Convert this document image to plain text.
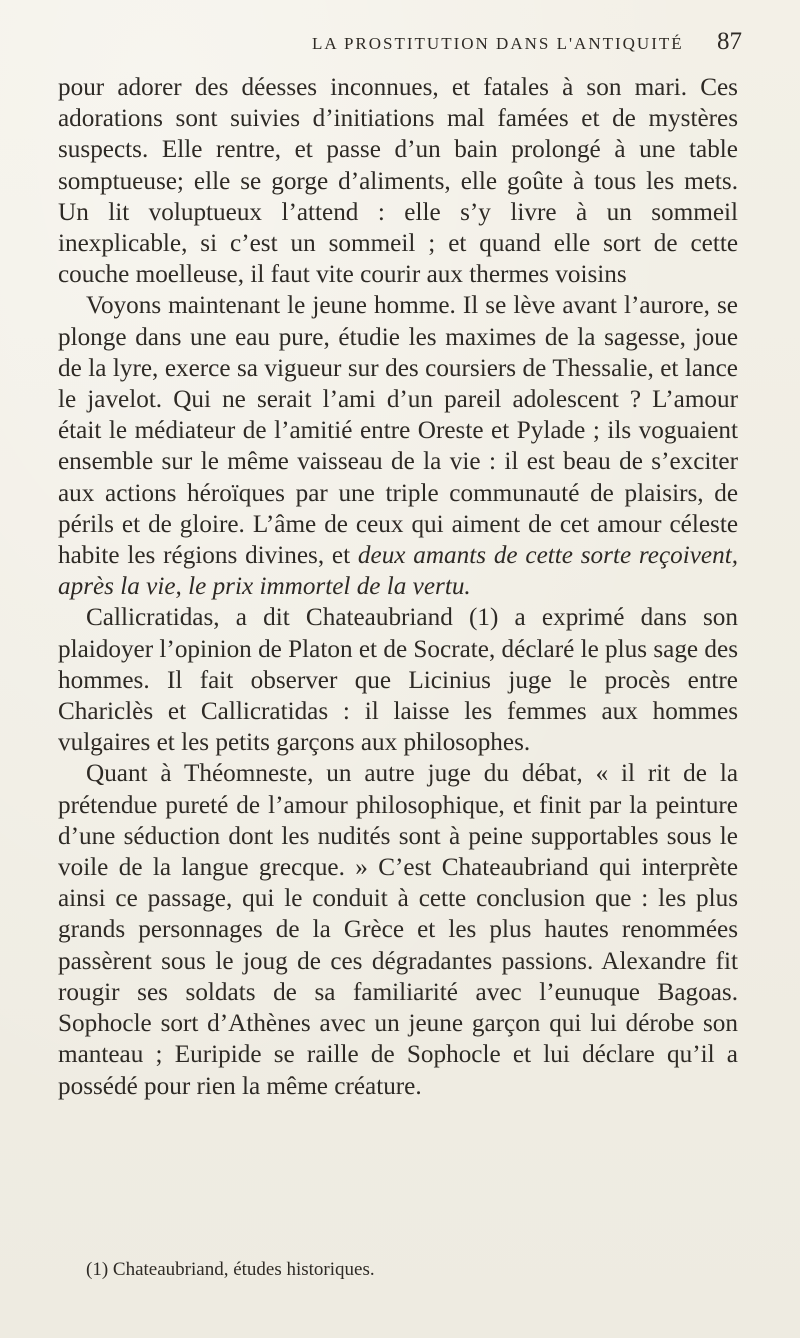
LA PROSTITUTION DANS L'ANTIQUITÉ	87

pour adorer des déesses inconnues, et fatales à son mari. Ces adorations sont suivies d’initiations mal famées et de mystères suspects. Elle rentre, et passe d’un bain prolongé à une table somptueuse; elle se gorge d’aliments, elle goûte à tous les mets. Un lit voluptueux l’attend : elle s’y livre à un sommeil inexplicable, si c’est un sommeil ; et quand elle sort de cette couche moelleuse, il faut vite courir aux thermes voisins

Voyons maintenant le jeune homme. Il se lève avant l’aurore, se plonge dans une eau pure, étudie les maximes de la sagesse, joue de la lyre, exerce sa vigueur sur des coursiers de Thessalie, et lance le javelot. Qui ne serait l’ami d’un pareil adolescent ? L’amour était le médiateur de l’amitié entre Oreste et Pylade ; ils voguaient ensemble sur le même vaisseau de la vie : il est beau de s’exciter aux actions héroïques par une triple communauté de plaisirs, de périls et de gloire. L’âme de ceux qui aiment de cet amour céleste habite les régions divines, et deux amants de cette sorte reçoivent, après la vie, le prix immortel de la vertu.

Callicratidas, a dit Chateaubriand (1) a exprimé dans son plaidoyer l’opinion de Platon et de Socrate, déclaré le plus sage des hommes. Il fait observer que Licinius juge le procès entre Chariclès et Callicratidas : il laisse les femmes aux hommes vulgaires et les petits garçons aux philosophes.

Quant à Théomneste, un autre juge du débat, « il rit de la prétendue pureté de l’amour philosophique, et finit par la peinture d’une séduction dont les nudités sont à peine supportables sous le voile de la langue grecque. » C’est Chateaubriand qui interprète ainsi ce passage, qui le conduit à cette conclusion que : les plus grands personnages de la Grèce et les plus hautes renommées passèrent sous le joug de ces dégradantes passions. Alexandre fit rougir ses soldats de sa familiarité avec l’eunuque Bagoas. Sophocle sort d’Athènes avec un jeune garçon qui lui dérobe son manteau ; Euripide se raille de Sophocle et lui déclare qu’il a possédé pour rien la même créature.

(1) Chateaubriand, études historiques.
